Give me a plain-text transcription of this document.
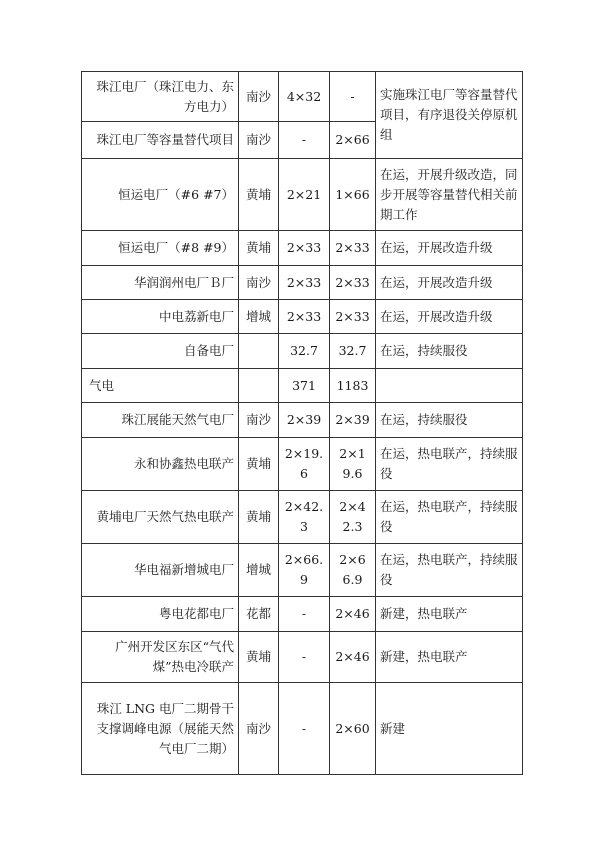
珠江电厂（珠江电力、东方电力）	南沙	4×32	-	实施珠江电厂等容量替代项目，有序退役关停原机组
珠江电厂等容量替代项目	南沙	-	2×66	
恒运电厂（#6 #7）	黄埔	2×21	1×66	在运，开展升级改造，同步开展等容量替代相关前期工作
恒运电厂（#8 #9）	黄埔	2×33	2×33	在运，开展改造升级
华润润州电厂Ｂ厂	南沙	2×33	2×33	在运，开展改造升级
中电荔新电厂	增城	2×33	2×33	在运，开展改造升级
自备电厂		32.7	32.7	在运，持续服役
气电		371	1183	
珠江展能天然气电厂	南沙	2×39	2×39	在运，持续服役
永和协鑫热电联产	黄埔	2×19.6	2×19.6	在运，热电联产，持续服役
黄埔电厂天然气热电联产	黄埔	2×42.3	2×42.3	在运，热电联产，持续服役
华电福新增城电厂	增城	2×66.9	2×66.9	在运，热电联产，持续服役
粤电花都电厂	花都	-	2×46	新建，热电联产
广州开发区东区“气代煤”热电冷联产	黄埔	-	2×46	新建，热电联产
珠江 LNG 电厂二期骨干支撑调峰电源（展能天然气电厂二期）	南沙	-	2×60	新建
